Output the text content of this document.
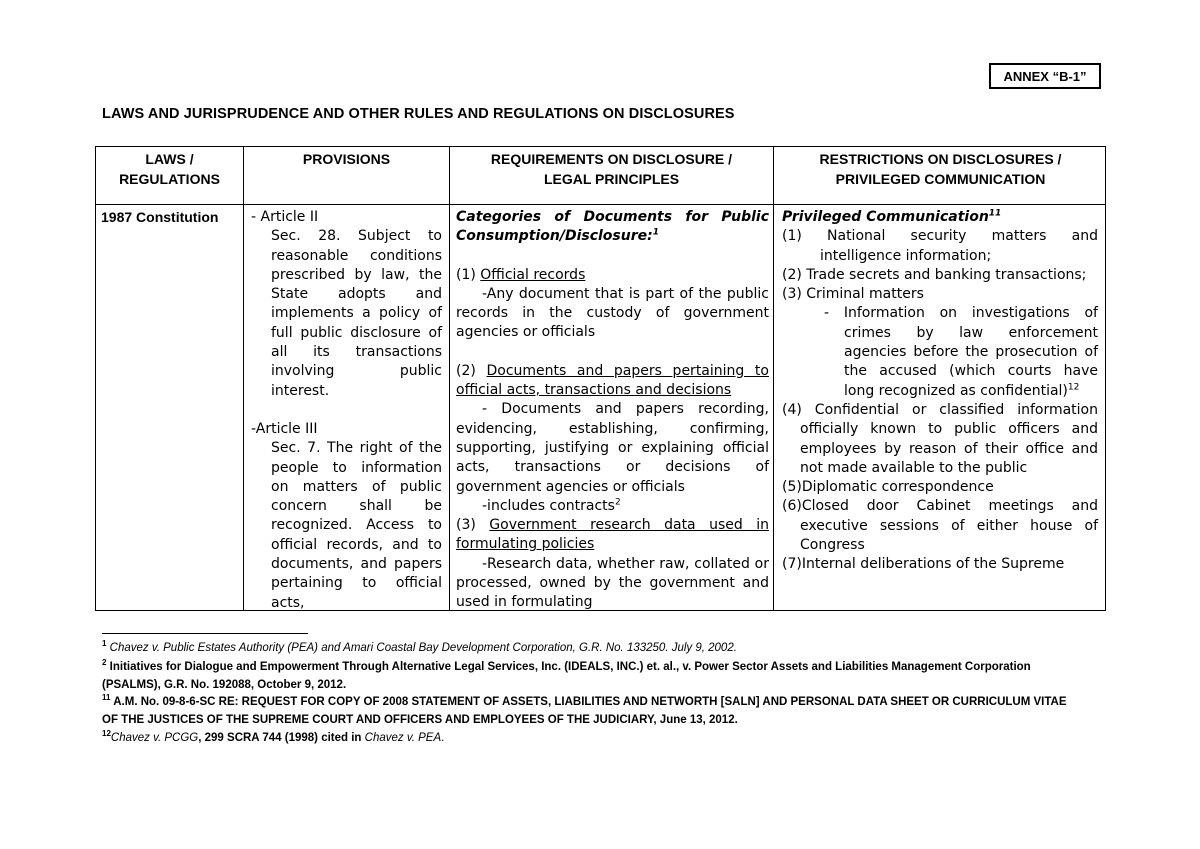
ANNEX “B-1”
LAWS AND JURISPRUDENCE AND OTHER RULES AND REGULATIONS ON DISCLOSURES
LAWS /
REGULATIONS
PROVISIONS	REQUIREMENTS ON DISCLOSURE /
LEGAL PRINCIPLES
RESTRICTIONS ON DISCLOSURES /
PRIVILEGED COMMUNICATION
1987 Constitution	- Article II

Sec. 28. Subject to reasonable conditions prescribed by law, the State adopts and implements a policy of full public disclosure of all its transactions involving public interest.

-Article III

Sec. 7. The right of the people to information on matters of public concern shall be recognized. Access to official records, and to documents, and papers pertaining to official acts,

Categories of Documents for Public Consumption/Disclosure:$^1$

(1) Official records

-Any document that is part of the public records in the custody of government agencies or officials

(2) Documents and papers pertaining to official acts, transactions and decisions

- Documents and papers recording, evidencing, establishing, confirming, supporting, justifying or explaining official acts, transactions or decisions of government agencies or officials

-includes contracts$^2$

(3) Government research data used in formulating policies

-Research data, whether raw, collated or processed, owned by the government and used in formulating

Privileged Communication$^{11}$

(1) National security matters and intelligence information;

(2) Trade secrets and banking transactions;

(3) Criminal matters

- Information on investigations of crimes by law enforcement agencies before the prosecution of the accused (which courts have long recognized as confidential)$^{12}$

(4) Confidential or classified information officially known to public officers and employees by reason of their office and not made available to the public

(5)Diplomatic correspondence

(6)Closed door Cabinet meetings and executive sessions of either house of Congress

(7)Internal deliberations of the Supreme

$^1$ Chavez v. Public Estates Authority (PEA) and Amari Coastal Bay Development Corporation, G.R. No. 133250. July 9, 2002.
$^2$ Initiatives for Dialogue and Empowerment Through Alternative Legal Services, Inc. (IDEALS, INC.) et. al., v. Power Sector Assets and Liabilities Management Corporation
(PSALMS), G.R. No. 192088, October 9, 2012.
$^{11}$ A.M. No. 09-8-6-SC RE: REQUEST FOR COPY OF 2008 STATEMENT OF ASSETS, LIABILITIES AND NETWORTH [SALN] AND PERSONAL DATA SHEET OR CURRICULUM VITAE
OF THE JUSTICES OF THE SUPREME COURT AND OFFICERS AND EMPLOYEES OF THE JUDICIARY, June 13, 2012.
$^{12}$Chavez v. PCGG, 299 SCRA 744 (1998) cited in Chavez v. PEA.
